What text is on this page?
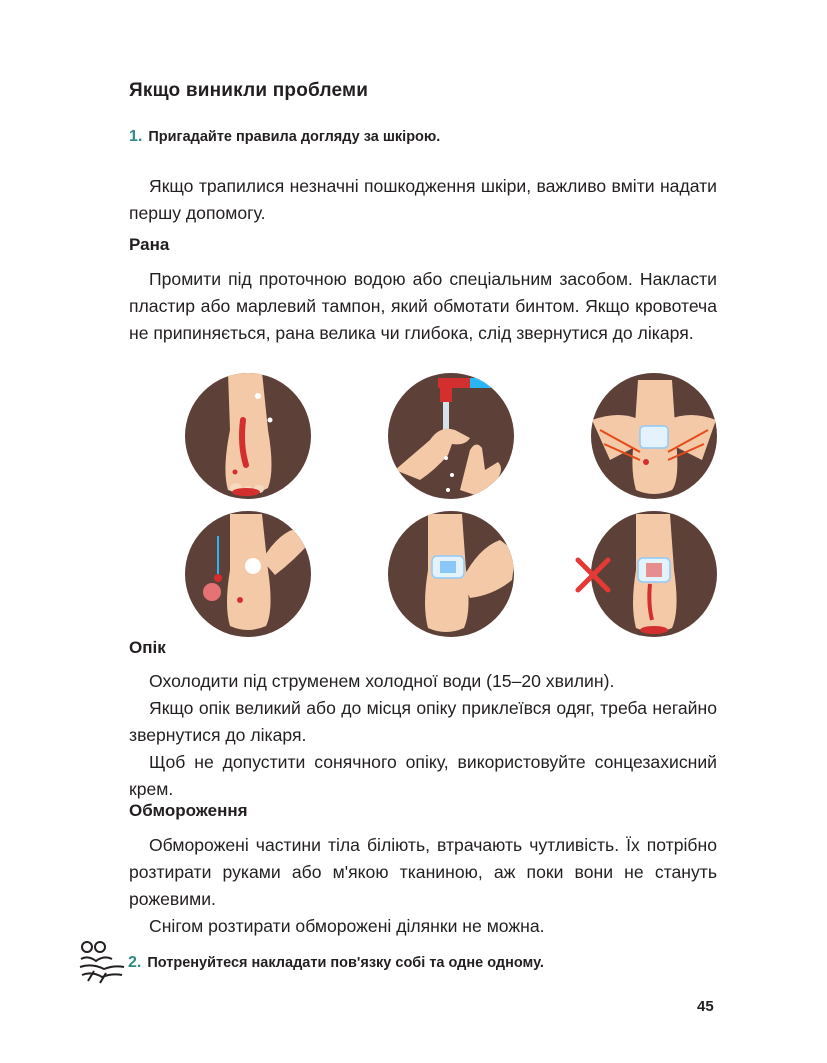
Якщо виникли проблеми
1. Пригадайте правила догляду за шкірою.

Якщо трапилися незначні пошкодження шкіри, важливо вміти надати першу допомогу.

Рана

Промити під проточною водою або спеціальним засобом. Накласти пластир або марлевий тампон, який обмотати бинтом. Якщо кровотеча не припиняється, рана велика чи глибока, слід звернутися до лікаря.

Опік

Охолодити під струменем холодної води (15–20 хвилин).

Якщо опік великий або до місця опіку приклеївся одяг, треба негайно звернутися до лікаря.

Щоб не допустити сонячного опіку, використовуйте сонцезахисний крем.

Обмороження

Обморожені частини тіла біліють, втрачають чутливість. Їх потрібно розтирати руками або м'якою тканиною, аж поки вони не стануть рожевими.

Снігом розтирати обморожені ділянки не можна.

2. Потренуйтеся накладати пов'язку собі та одне одному.
45
